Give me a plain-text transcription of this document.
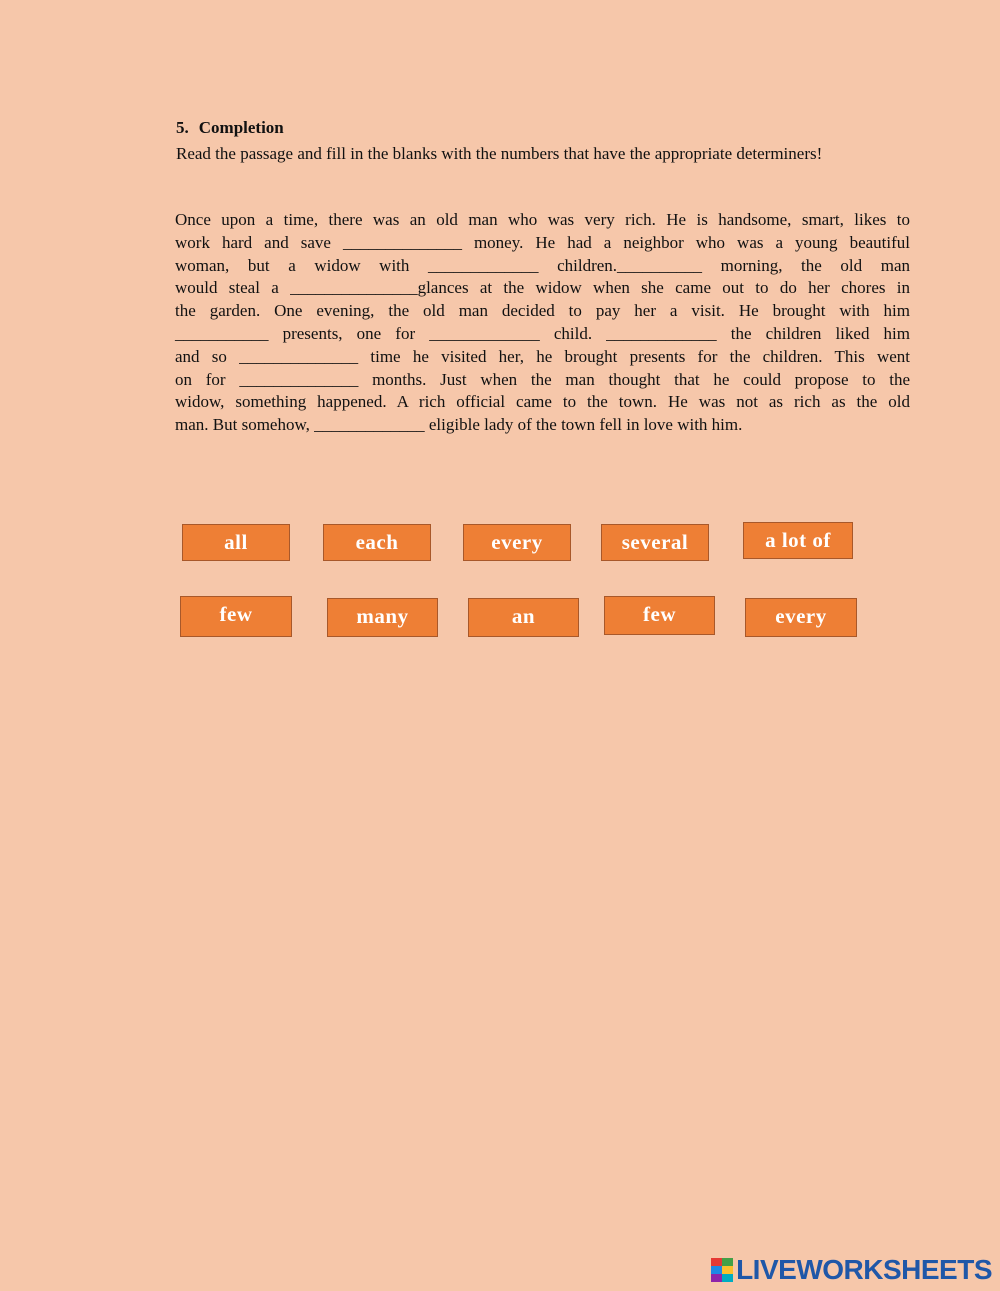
5. Completion

Read the passage and fill in the blanks with the numbers that have the appropriate determiners!

Once upon a time, there was an old man who was very rich. He is handsome, smart, likes to
work hard and save ______________ money. He had a neighbor who was a young beautiful
woman, but a widow with _____________ children.__________ morning, the old man
would steal a _______________glances at the widow when she came out to do her chores in
the garden. One evening, the old man decided to pay her a visit. He brought with him
___________ presents, one for _____________ child. _____________ the children liked him
and so ______________ time he visited her, he brought presents for the children. This went
on for ______________ months. Just when the man thought that he could propose to the
widow, something happened. A rich official came to the town. He was not as rich as the old
man. But somehow, _____________ eligible lady of the town fell in love with him.
all	each	every	several	a lot of
few	many	an	few	every
LIVEWORKSHEETS
